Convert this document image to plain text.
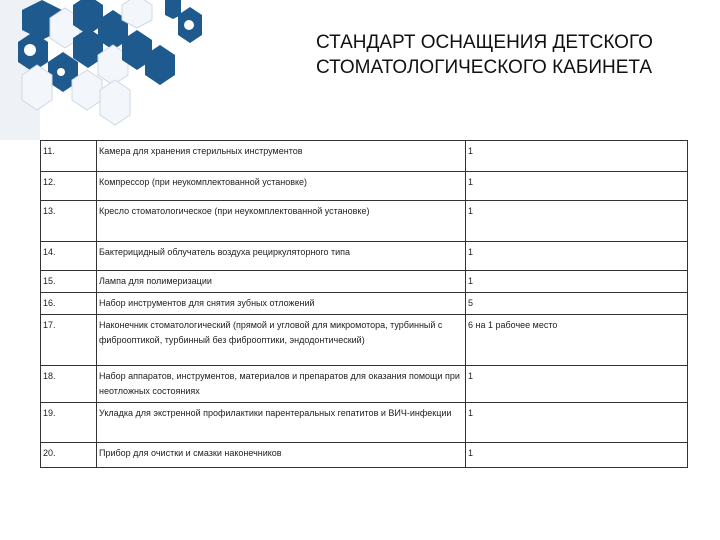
СТАНДАРТ ОСНАЩЕНИЯ ДЕТСКОГО
СТОМАТОЛОГИЧЕСКОГО КАБИНЕТА
11.	Камера для хранения стерильных инструментов	1
12.	Компрессор (при неукомплектованной установке)	1
13.	Кресло стоматологическое (при неукомплектованной установке)	1
14.	Бактерицидный облучатель воздуха рециркуляторного типа	1
15.	Лампа для полимеризации	1
16.	Набор инструментов для снятия зубных отложений	5
17.	Наконечник стоматологический (прямой и угловой для микромотора, турбинный с фиброоптикой, турбинный без фиброоптики, эндодонтический)	6 на 1 рабочее место
18.	Набор аппаратов, инструментов, материалов и препаратов для оказания помощи при неотложных состояниях	1
19.	Укладка для экстренной профилактики парентеральных гепатитов и ВИЧ-инфекции	1
20.	Прибор для очистки и смазки наконечников	1
